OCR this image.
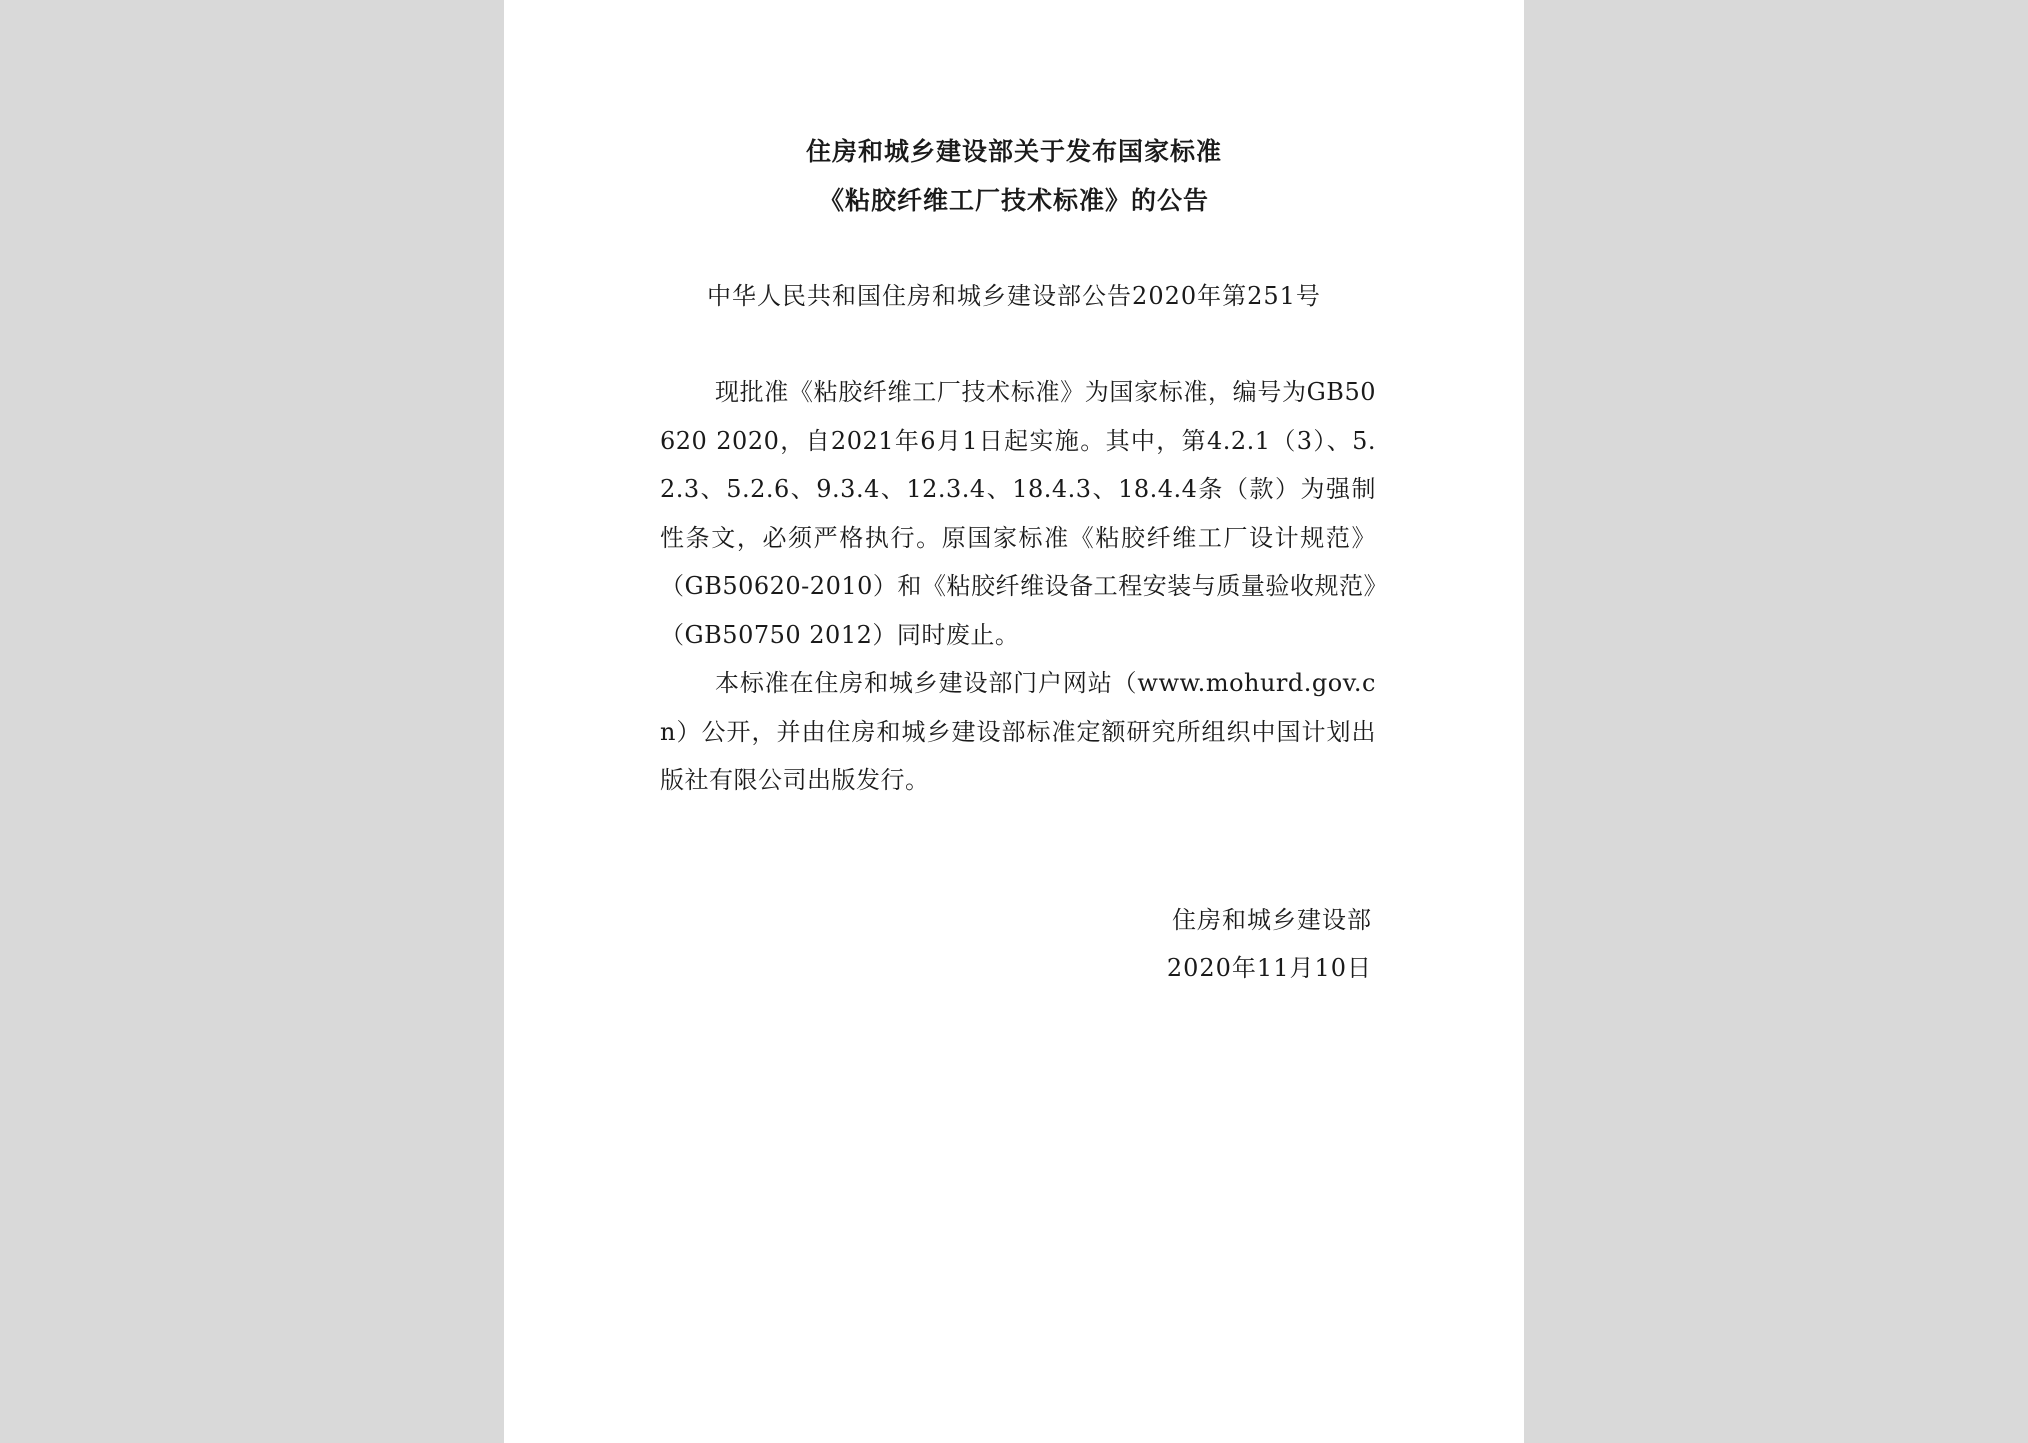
住房和城乡建设部关于发布国家标准
《粘胶纤维工厂技术标准》的公告
中华人民共和国住房和城乡建设部公告2020年第251号
现批准《粘胶纤维工厂技术标准》为国家标准，编号为GB50620 2020，自2021年6月1日起实施。其中，第4.2.1（3）、5.2.3、5.2.6、9.3.4、12.3.4、18.4.3、18.4.4条（款）为强制性条文，必须严格执行。原国家标准《粘胶纤维工厂设计规范》（GB50620-2010）和《粘胶纤维设备工程安装与质量验收规范》（GB50750 2012）同时废止。
本标准在住房和城乡建设部门户网站（www.mohurd.gov.cn）公开，并由住房和城乡建设部标准定额研究所组织中国计划出版社有限公司出版发行。
住房和城乡建设部
2020年11月10日
